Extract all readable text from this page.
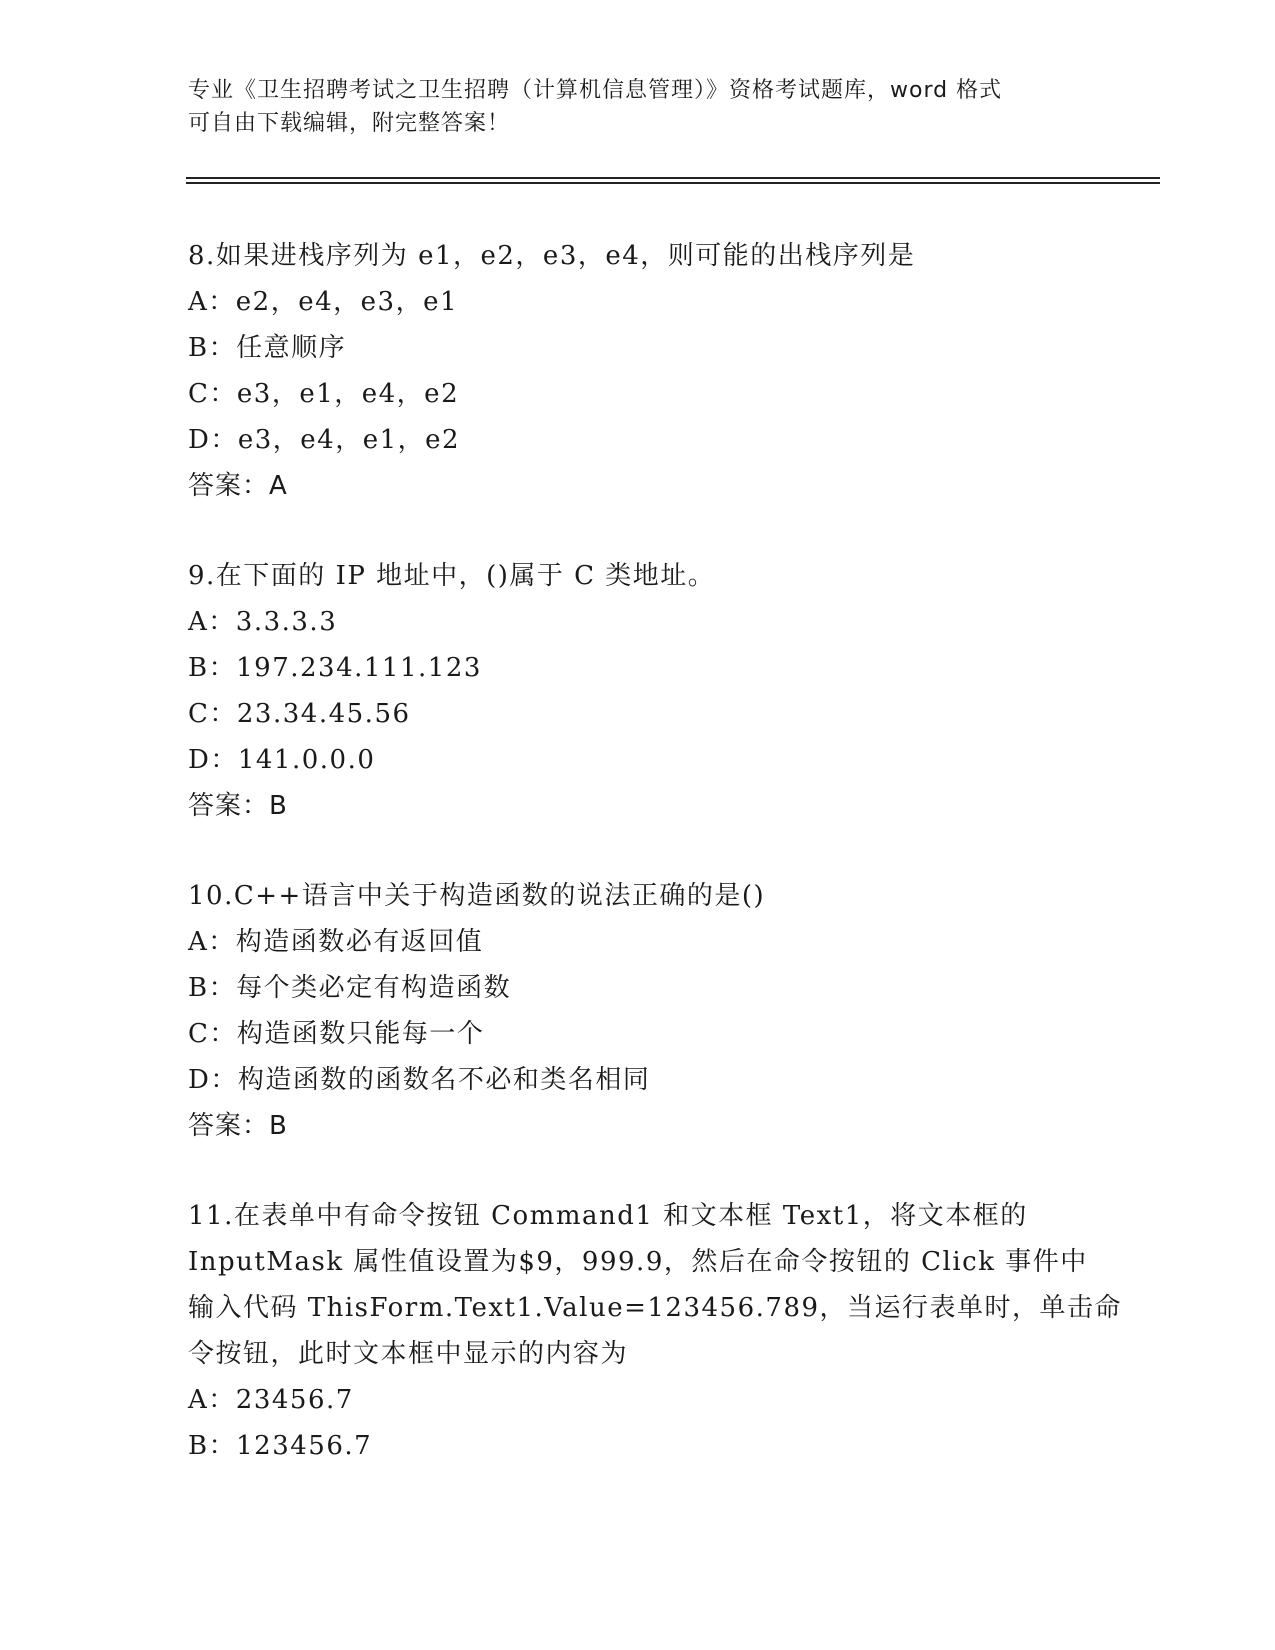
专业《卫生招聘考试之卫生招聘（计算机信息管理）》资格考试题库，word 格式
可自由下载编辑，附完整答案！

8.如果进栈序列为 e1，e2，e3，e4，则可能的出栈序列是

A：e2，e4，e3，e1

B：任意顺序

C：e3，e1，e4，e2

D：e3，e4，e1，e2

答案：A

9.在下面的 IP 地址中，()属于 C 类地址。

A：3.3.3.3

B：197.234.111.123

C：23.34.45.56

D：141.0.0.0

答案：B

10.C++语言中关于构造函数的说法正确的是()

A：构造函数必有返回值

B：每个类必定有构造函数

C：构造函数只能每一个

D：构造函数的函数名不必和类名相同

答案：B

11.在表单中有命令按钮 Command1 和文本框 Text1，将文本框的

InputMask 属性值设置为$9，999.9，然后在命令按钮的 Click 事件中

输入代码 ThisForm.Text1.Value=123456.789，当运行表单时，单击命

令按钮，此时文本框中显示的内容为

A：23456.7

B：123456.7
